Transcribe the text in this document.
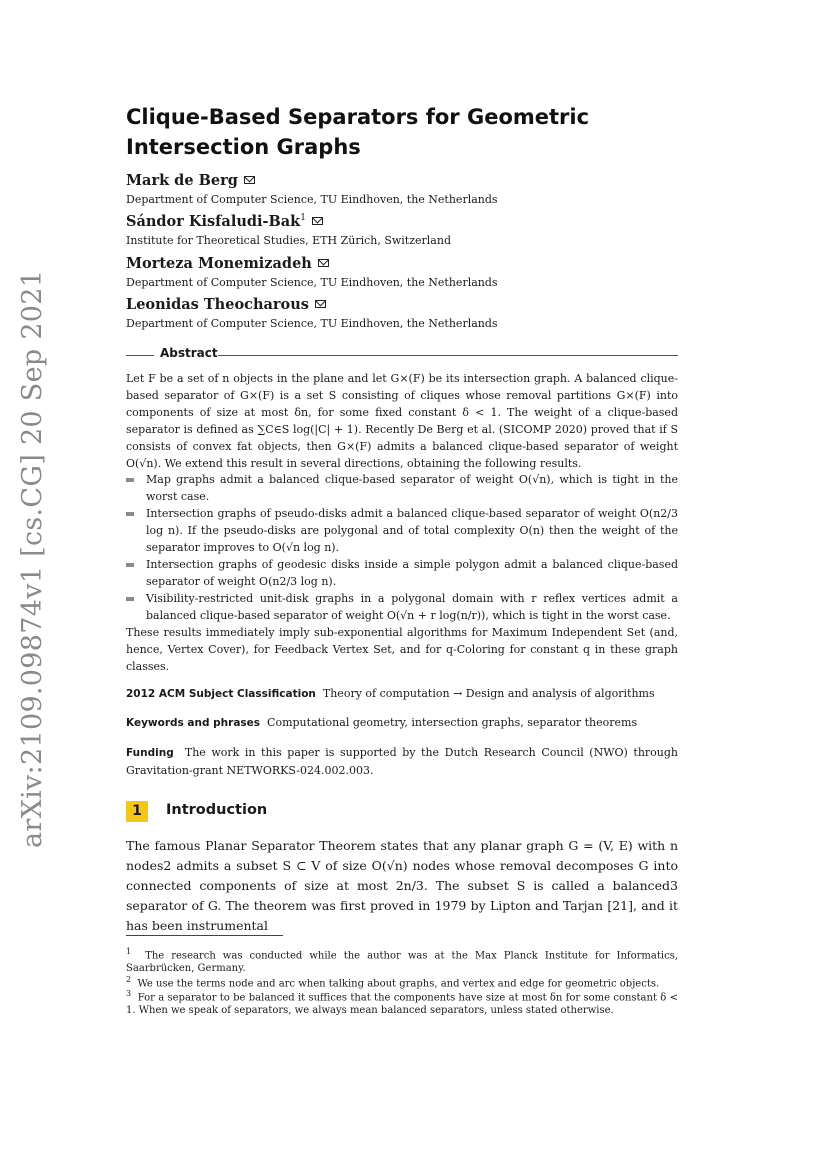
arXiv:2109.09874v1 [cs.CG] 20 Sep 2021
Clique-Based Separators for Geometric
Intersection Graphs
Mark de Berg
Department of Computer Science, TU Eindhoven, the Netherlands
Sándor Kisfaludi-Bak$^1$
Institute for Theoretical Studies, ETH Zürich, Switzerland
Morteza Monemizadeh
Department of Computer Science, TU Eindhoven, the Netherlands
Leonidas Theocharous
Department of Computer Science, TU Eindhoven, the Netherlands
Abstract
Let F be a set of n objects in the plane and let G×(F) be its intersection graph. A balanced clique-based separator of G×(F) is a set S consisting of cliques whose removal partitions G×(F) into components of size at most δn, for some fixed constant δ < 1. The weight of a clique-based separator is defined as ∑C∈S log(|C| + 1). Recently De Berg et al. (SICOMP 2020) proved that if S consists of convex fat objects, then G×(F) admits a balanced clique-based separator of weight O(√n). We extend this result in several directions, obtaining the following results.
Map graphs admit a balanced clique-based separator of weight O(√n), which is tight in the worst case.
Intersection graphs of pseudo-disks admit a balanced clique-based separator of weight O(n2/3 log n). If the pseudo-disks are polygonal and of total complexity O(n) then the weight of the separator improves to O(√n log n).
Intersection graphs of geodesic disks inside a simple polygon admit a balanced clique-based separator of weight O(n2/3 log n).
Visibility-restricted unit-disk graphs in a polygonal domain with r reflex vertices admit a balanced clique-based separator of weight O(√n + r log(n/r)), which is tight in the worst case.
These results immediately imply sub-exponential algorithms for Maximum Independent Set (and, hence, Vertex Cover), for Feedback Vertex Set, and for q-Coloring for constant q in these graph classes.
2012 ACM Subject Classification Theory of computation → Design and analysis of algorithms
Keywords and phrases Computational geometry, intersection graphs, separator theorems
Funding The work in this paper is supported by the Dutch Research Council (NWO) through Gravitation-grant NETWORKS-024.002.003.
1	Introduction
The famous Planar Separator Theorem states that any planar graph G = (V, E) with n nodes2 admits a subset S ⊂ V of size O(√n) nodes whose removal decomposes G into connected components of size at most 2n/3. The subset S is called a balanced3 separator of G. The theorem was first proved in 1979 by Lipton and Tarjan [21], and it has been instrumental
$^1$ The research was conducted while the author was at the Max Planck Institute for Informatics, Saarbrücken, Germany.
$^2$ We use the terms node and arc when talking about graphs, and vertex and edge for geometric objects.
$^3$ For a separator to be balanced it suffices that the components have size at most δn for some constant δ < 1. When we speak of separators, we always mean balanced separators, unless stated otherwise.
